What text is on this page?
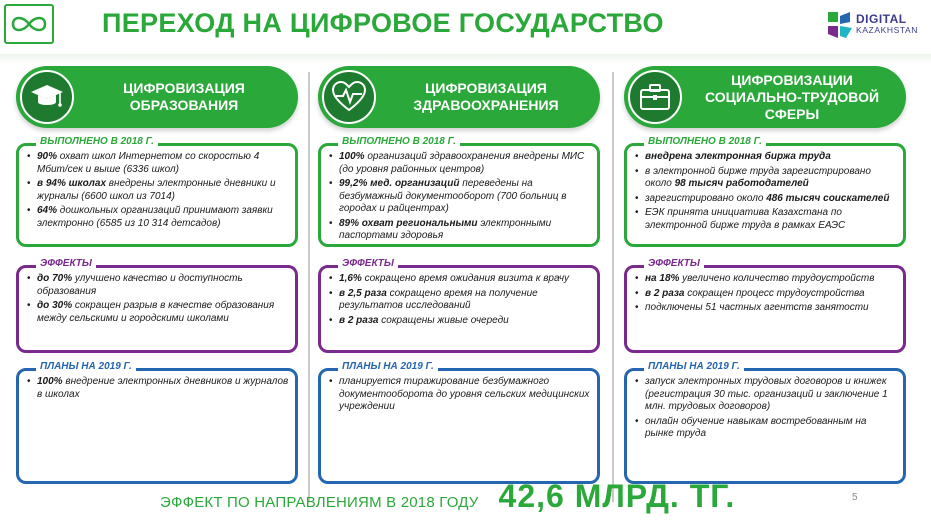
ПЕРЕХОД НА ЦИФРОВОЕ ГОСУДАРСТВО	DIGITAL
KAZAKHSTAN
ЦИФРОВИЗАЦИЯ ОБРАЗОВАНИЯ
ВЫПОЛНЕНО В 2018 Г.
• 90% охват школ Интернетом со скоростью 4 Мбит/сек и выше (6336 школ)
• в 94% школах внедрены электронные дневники и журналы (6600 школ из 7014)
• 64% дошкольных организаций принимают заявки электронно (6585 из 10 314 детсадов)
ЭФФЕКТЫ
• до 70% улучшено качество и доступность образования
• до 30% сокращен разрыв в качестве образования между сельскими и городскими школами
ПЛАНЫ НА 2019 Г.
• 100% внедрение электронных дневников и журналов в школах
ЦИФРОВИЗАЦИЯ ЗДРАВООХРАНЕНИЯ
ВЫПОЛНЕНО В 2018 Г.
• 100% организаций здравоохранения внедрены МИС (до уровня районных центров)
• 99,2% мед. организаций переведены на безбумажный документооборот (700 больниц в городах и райцентрах)
• 89% охват региональными электронными паспортами здоровья
ЭФФЕКТЫ
• 1,6% сокращено время ожидания визита к врачу
• в 2,5 раза сокращено время на получение результатов исследований
• в 2 раза сокращены живые очереди
ПЛАНЫ НА 2019 Г.
• планируется тиражирование безбумажного документооборота до уровня сельских медицинских учреждении
ЦИФРОВИЗАЦИИ СОЦИАЛЬНО-ТРУДОВОЙ СФЕРЫ
ВЫПОЛНЕНО В 2018 Г.
• внедрена электронная биржа труда
• в электронной бирже труда зарегистрировано около 98 тысяч работодателей
• зарегистрировано около 486 тысяч соискателей
• ЕЭК принята инициатива Казахстана по электронной бирже труда в рамках ЕАЭС
ЭФФЕКТЫ
• на 18% увеличено количество трудоустройств
• в 2 раза сокращен процесс трудоустройства
• подключены 51 частных агентств занятости
ПЛАНЫ НА 2019 Г.
• запуск электронных трудовых договоров и книжек (регистрация 30 тыс. организаций и заключение 1 млн. трудовых договоров)
• онлайн обучение навыкам востребованным на рынке труда
ЭФФЕКТ ПО НАПРАВЛЕНИЯМ В 2018 ГОДУ 42,6 МЛРД. ТГ.	5
